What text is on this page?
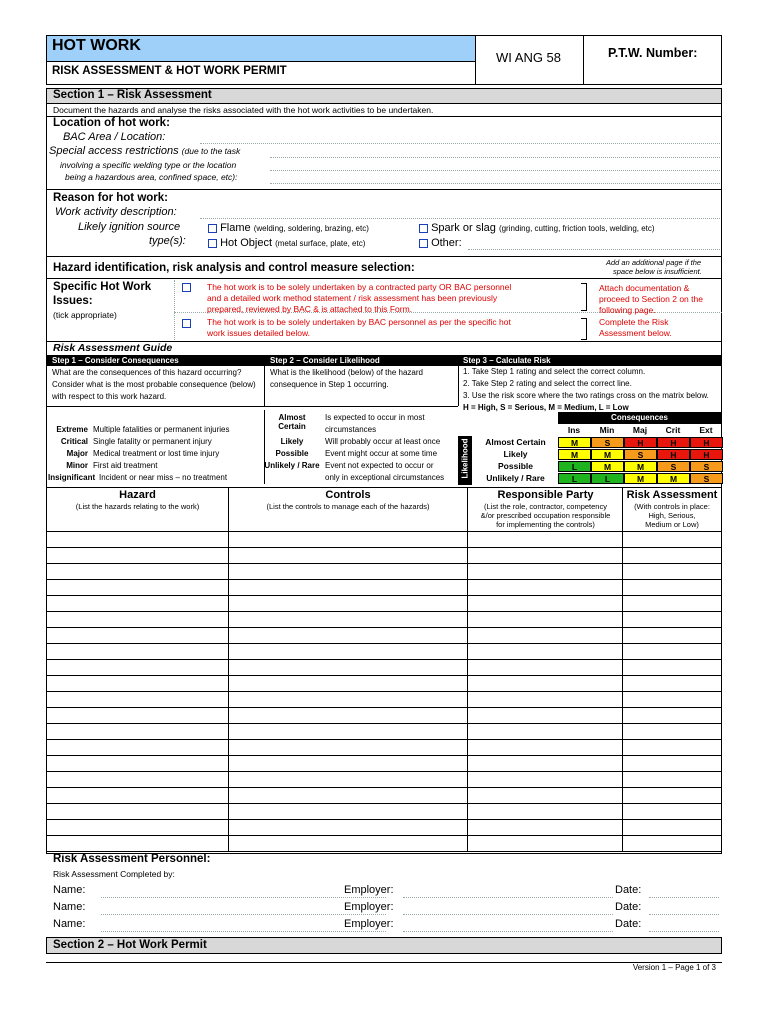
HOT WORK
RISK ASSESSMENT & HOT WORK PERMIT
WI ANG 58	P.T.W. Number:
Section 1 – Risk Assessment
Document the hazards and analyse the risks associated with the hot work activities to be undertaken.
Location of hot work:
BAC Area / Location:
Special access restrictions (due to the task
involving a specific welding type or the location
being a hazardous area, confined space, etc):
Reason for hot work:
Work activity description:
Likely ignition source
type(s):
Flame (welding, soldering, brazing, etc)	Spark or slag (grinding, cutting, friction tools, welding, etc)
Hot Object (metal surface, plate, etc)	Other:
Hazard identification, risk analysis and control measure selection:	Add an additional page if the
space below is insufficient.
Specific Hot Work
Issues:
(tick appropriate)
The hot work is to be solely undertaken by a contracted party OR BAC personnel
and a detailed work method statement / risk assessment has been previously
prepared, reviewed by BAC & is attached to this Form.
Attach documentation &
proceed to Section 2 on the
following page.
The hot work is to be solely undertaken by BAC personnel as per the specific hot
work issues detailed below.
Complete the Risk
Assessment below.
Risk Assessment Guide
Step 1 – Consider Consequences	Step 2 – Consider Likelihood	Step 3 – Calculate Risk
What are the consequences of this hazard occurring?
Consider what is the most probable consequence (below)
with respect to this work hazard.
What is the likelihood (below) of the hazard
consequence in Step 1 occurring.
1. Take Step 1 rating and select the correct column.
2. Take Step 2 rating and select the correct line.
3. Use the risk score where the two ratings cross on the matrix below.
H = High, S = Serious, M = Medium, L = Low
Extreme Multiple fatalities or permanent injuries
Critical Single fatality or permanent injury
Major Medical treatment or lost time injury
Minor First aid treatment
Insignificant Incident or near miss – no treatment
Almost Certain
Is expected to occur in most
circumstances
Likely	Will probably occur at least once
Possible	Event might occur at some time
Unlikely / Rare Event not expected to occur or
only in exceptional circumstances Likelihood
Consequences
Ins	Min	Maj	Crit	Ext
Almost Certain	M	S	H	H	H
Likely	M	M	S	H	H
Possible	L	M	M	S	S
Unlikely / Rare	L	L	M	M	S
Hazard
(List the hazards relating to the work)
Controls
(List the controls to manage each of the hazards)
Responsible Party
(List the role, contractor, competency
&/or prescribed occupation responsible
for implementing the controls)
Risk Assessment
(With controls in place:
High, Serious,
Medium or Low)
Risk Assessment Personnel:
Risk Assessment Completed by:
Name:	Employer:	Date:
Name:	Employer:	Date:
Name:	Employer:	Date:
Section 2 – Hot Work Permit
Version 1 – Page 1 of 3
